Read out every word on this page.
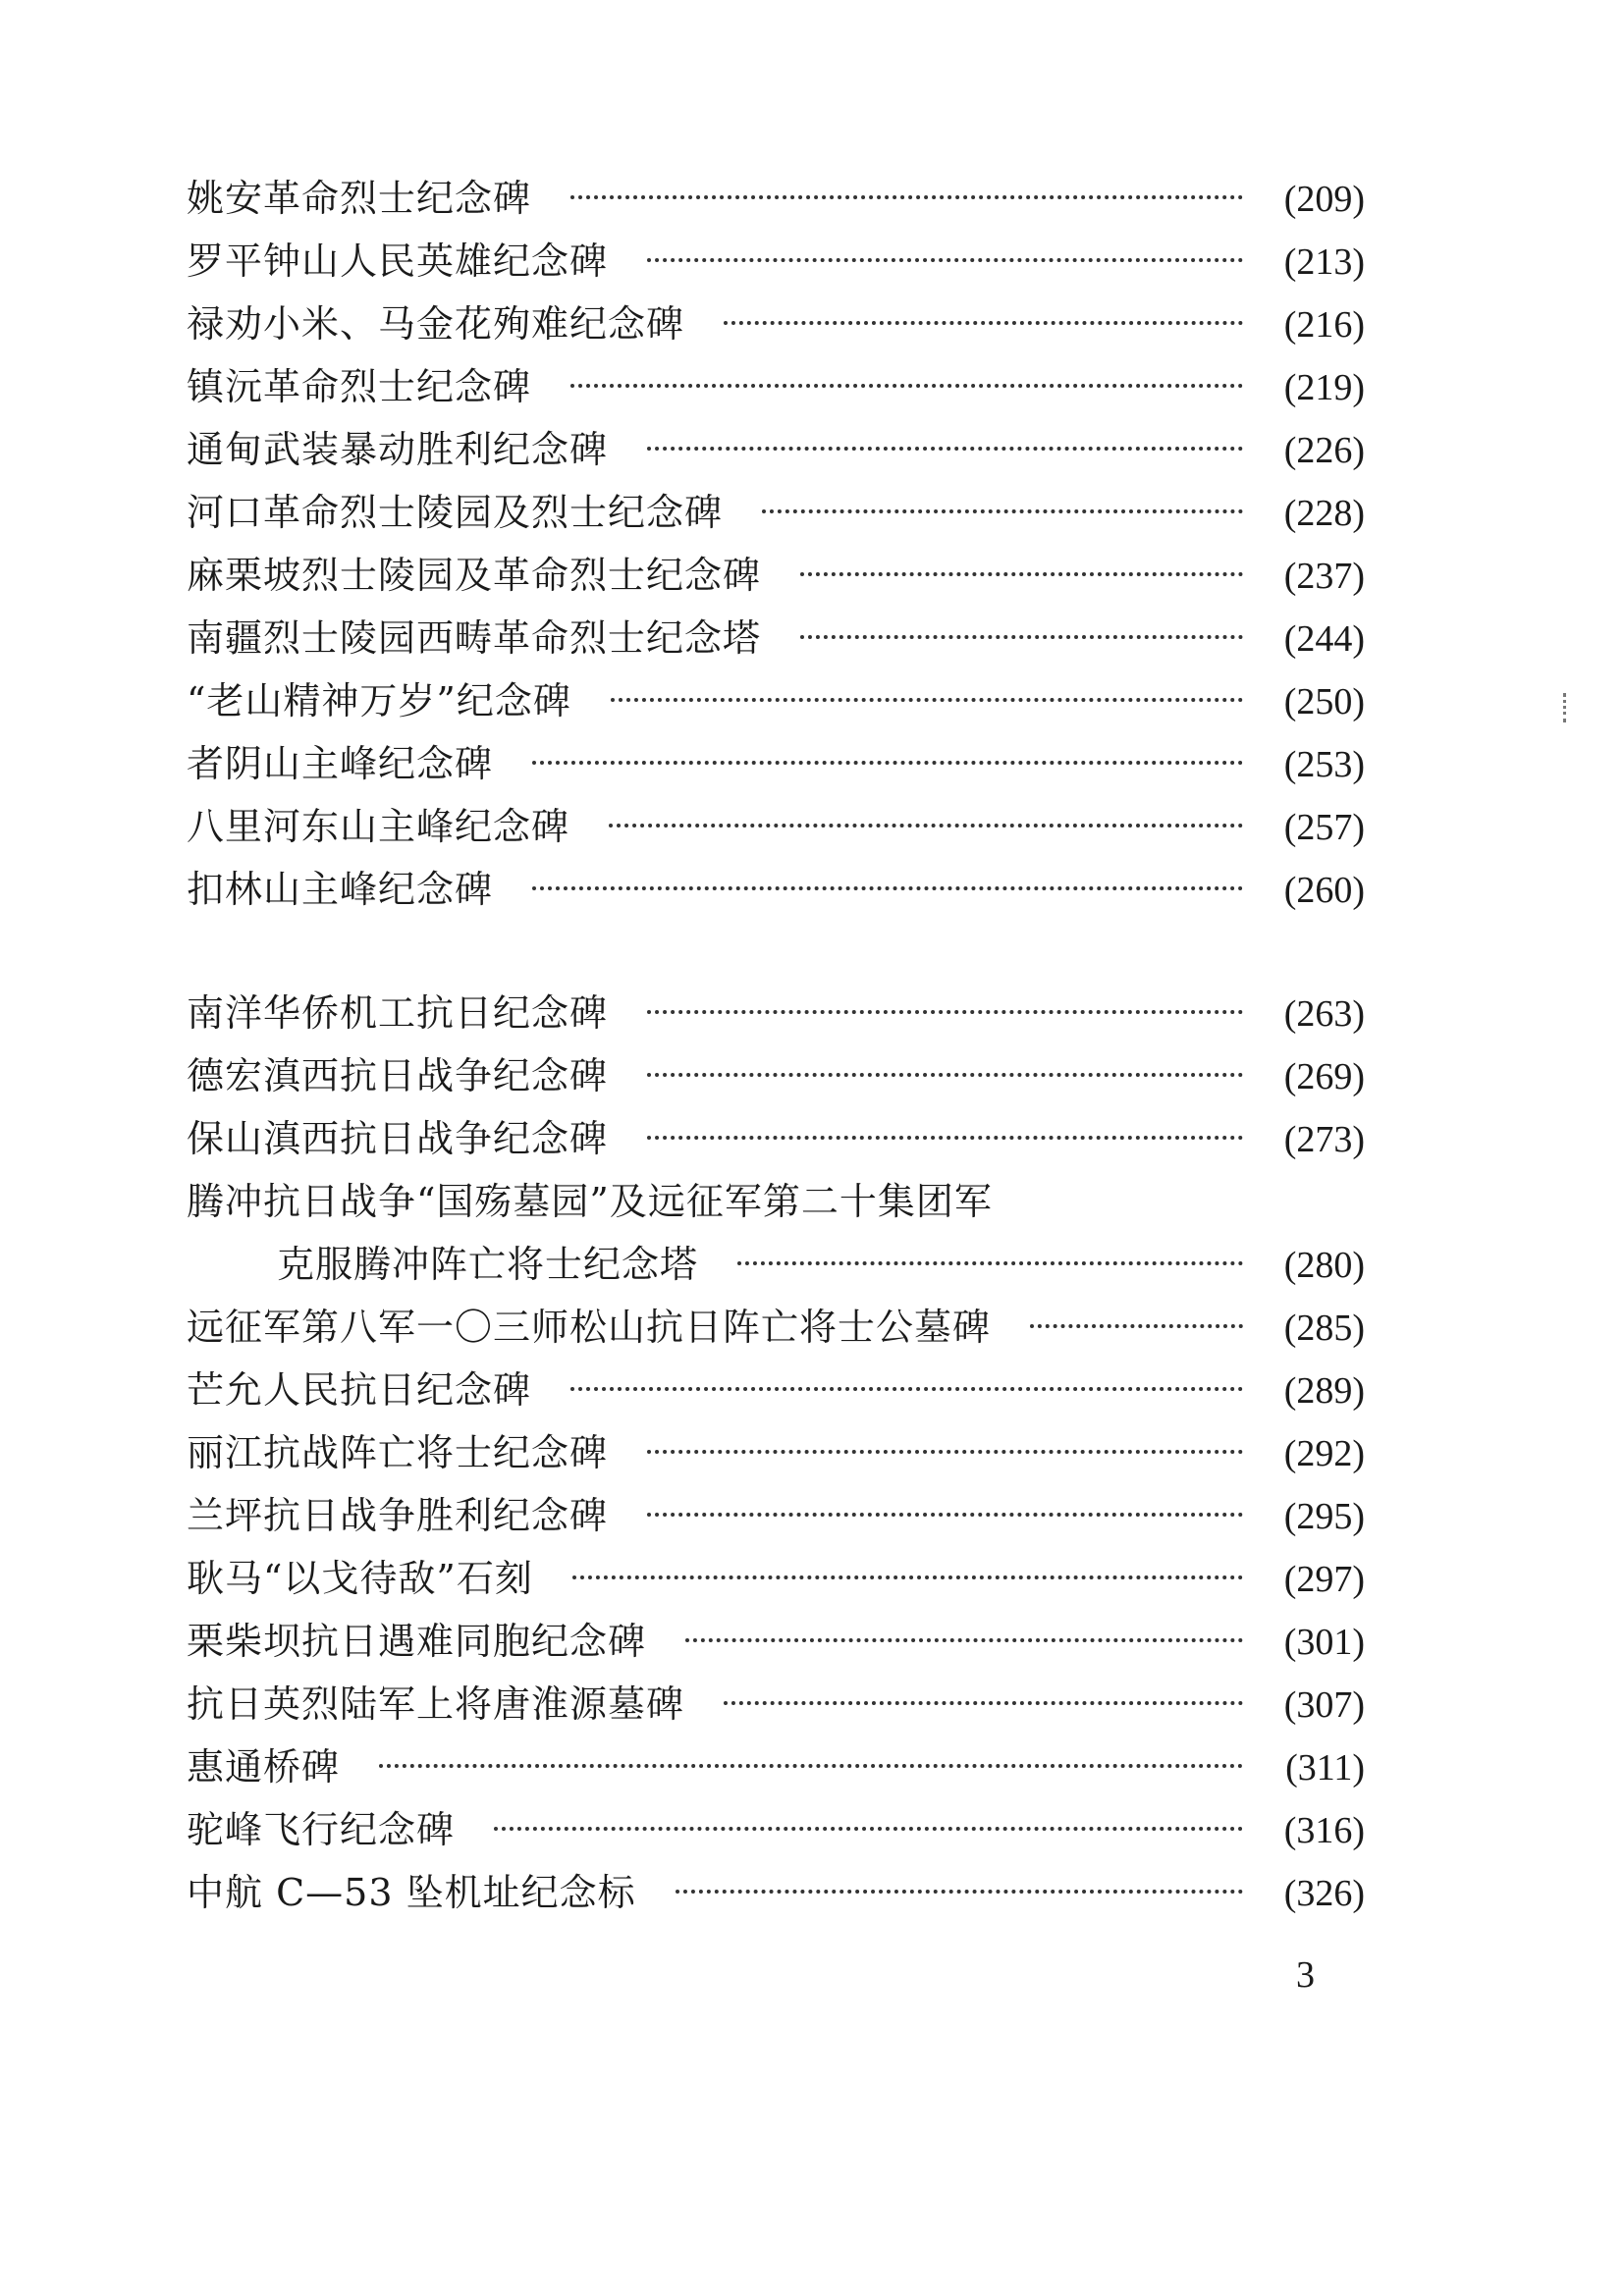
姚安革命烈士纪念碑	(209)
罗平钟山人民英雄纪念碑	(213)
禄劝小米、马金花殉难纪念碑	(216)
镇沅革命烈士纪念碑	(219)
通甸武装暴动胜利纪念碑	(226)
河口革命烈士陵园及烈士纪念碑	(228)
麻栗坡烈士陵园及革命烈士纪念碑	(237)
南疆烈士陵园西畴革命烈士纪念塔	(244)
“老山精神万岁”纪念碑	(250)
者阴山主峰纪念碑	(253)
八里河东山主峰纪念碑	(257)
扣林山主峰纪念碑	(260)
南洋华侨机工抗日纪念碑	(263)
德宏滇西抗日战争纪念碑	(269)
保山滇西抗日战争纪念碑	(273)
腾冲抗日战争“国殇墓园”及远征军第二十集团军
克服腾冲阵亡将士纪念塔	(280)
远征军第八军一〇三师松山抗日阵亡将士公墓碑	(285)
芒允人民抗日纪念碑	(289)
丽江抗战阵亡将士纪念碑	(292)
兰坪抗日战争胜利纪念碑	(295)
耿马“以戈待敌”石刻	(297)
栗柴坝抗日遇难同胞纪念碑	(301)
抗日英烈陆军上将唐淮源墓碑	(307)
惠通桥碑	(311)
驼峰飞行纪念碑	(316)
中航 C—53 坠机址纪念标	(326)
3
